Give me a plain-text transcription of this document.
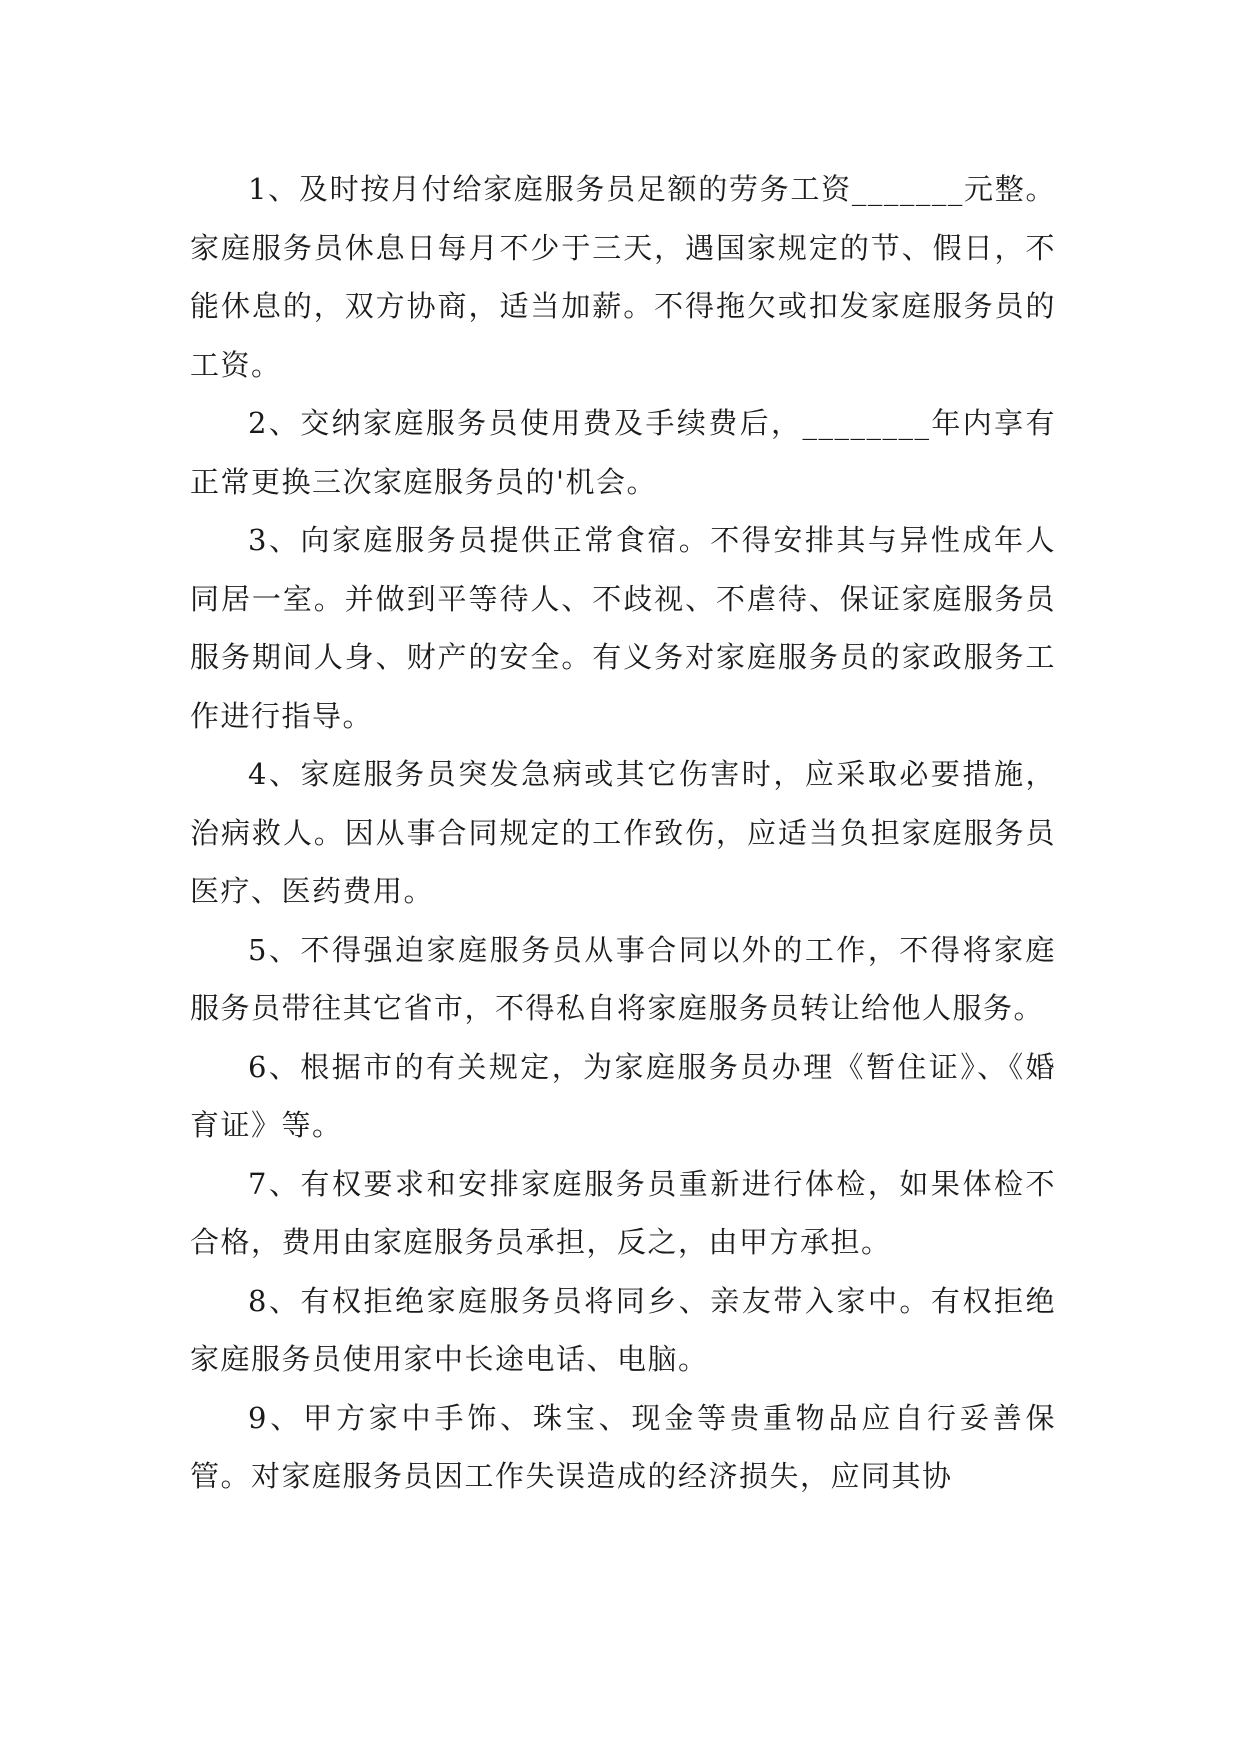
1、及时按月付给家庭服务员足额的劳务工资_______元整。家庭服务员休息日每月不少于三天，遇国家规定的节、假日，不能休息的，双方协商，适当加薪。不得拖欠或扣发家庭服务员的工资。

2、交纳家庭服务员使用费及手续费后，________年内享有正常更换三次家庭服务员的'机会。

3、向家庭服务员提供正常食宿。不得安排其与异性成年人同居一室。并做到平等待人、不歧视、不虐待、保证家庭服务员服务期间人身、财产的安全。有义务对家庭服务员的家政服务工作进行指导。

4、家庭服务员突发急病或其它伤害时，应采取必要措施，治病救人。因从事合同规定的工作致伤，应适当负担家庭服务员医疗、医药费用。

5、不得强迫家庭服务员从事合同以外的工作，不得将家庭服务员带往其它省市，不得私自将家庭服务员转让给他人服务。

6、根据市的有关规定，为家庭服务员办理《暂住证》、《婚育证》等。

7、有权要求和安排家庭服务员重新进行体检，如果体检不合格，费用由家庭服务员承担，反之，由甲方承担。

8、有权拒绝家庭服务员将同乡、亲友带入家中。有权拒绝家庭服务员使用家中长途电话、电脑。

9、甲方家中手饰、珠宝、现金等贵重物品应自行妥善保管。对家庭服务员因工作失误造成的经济损失，应同其协
